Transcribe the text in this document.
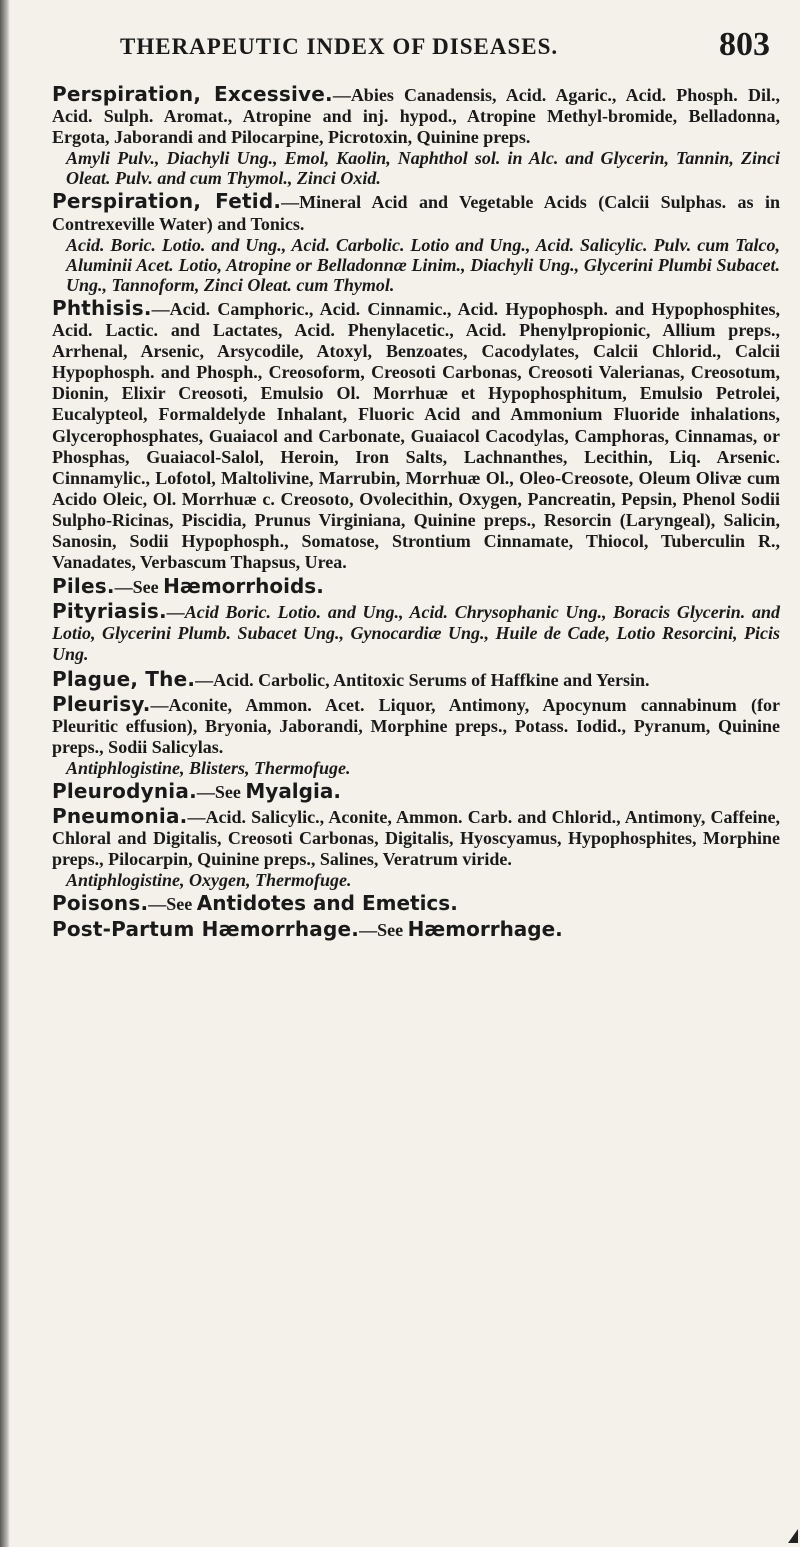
THERAPEUTIC INDEX OF DISEASES.	803

Perspiration, Excessive.—Abies Canadensis, Acid. Agaric., Acid. Phosph. Dil., Acid. Sulph. Aromat., Atropine and inj. hypod., Atropine Methyl-bromide, Belladonna, Ergota, Jaborandi and Pilocarpine, Picrotoxin, Quinine preps.
Amyli Pulv., Diachyli Ung., Emol, Kaolin, Naphthol sol. in Alc. and Glycerin, Tannin, Zinci Oleat. Pulv. and cum Thymol., Zinci Oxid.

Perspiration, Fetid.—Mineral Acid and Vegetable Acids (Calcii Sulphas. as in Contrexeville Water) and Tonics.
Acid. Boric. Lotio. and Ung., Acid. Carbolic. Lotio and Ung., Acid. Salicylic. Pulv. cum Talco, Aluminii Acet. Lotio, Atropine or Belladonnæ Linim., Diachyli Ung., Glycerini Plumbi Subacet. Ung., Tannoform, Zinci Oleat. cum Thymol.

Phthisis.—Acid. Camphoric., Acid. Cinnamic., Acid. Hypophosph. and Hypophosphites, Acid. Lactic. and Lactates, Acid. Phenylacetic., Acid. Phenylpropionic, Allium preps., Arrhenal, Arsenic, Arsycodile, Atoxyl, Benzoates, Cacodylates, Calcii Chlorid., Calcii Hypophosph. and Phosph., Creosoform, Creosoti Carbonas, Creosoti Valerianas, Creosotum, Dionin, Elixir Creosoti, Emulsio Ol. Morrhuæ et Hypophosphitum, Emulsio Petrolei, Eucalypteol, Formaldelyde Inhalant, Fluoric Acid and Ammonium Fluoride inhalations, Glycerophosphates, Guaiacol and Carbonate, Guaiacol Cacodylas, Camphoras, Cinnamas, or Phosphas, Guaiacol-Salol, Heroin, Iron Salts, Lachnanthes, Lecithin, Liq. Arsenic. Cinnamylic., Lofotol, Maltolivine, Marrubin, Morrhuæ Ol., Oleo-Creosote, Oleum Olivæ cum Acido Oleic, Ol. Morrhuæ c. Creosoto, Ovolecithin, Oxygen, Pancreatin, Pepsin, Phenol Sodii Sulpho-Ricinas, Piscidia, Prunus Virginiana, Quinine preps., Resorcin (Laryngeal), Salicin, Sanosin, Sodii Hypophosph., Somatose, Strontium Cinnamate, Thiocol, Tuberculin R., Vanadates, Verbascum Thapsus, Urea.

Piles.—See Hæmorrhoids.

Pityriasis.—Acid Boric. Lotio. and Ung., Acid. Chrysophanic Ung., Boracis Glycerin. and Lotio, Glycerini Plumb. Subacet Ung., Gynocardiæ Ung., Huile de Cade, Lotio Resorcini, Picis Ung.

Plague, The.—Acid. Carbolic, Antitoxic Serums of Haffkine and Yersin.

Pleurisy.—Aconite, Ammon. Acet. Liquor, Antimony, Apocynum cannabinum (for Pleuritic effusion), Bryonia, Jaborandi, Morphine preps., Potass. Iodid., Pyranum, Quinine preps., Sodii Salicylas.
Antiphlogistine, Blisters, Thermofuge.

Pleurodynia.—See Myalgia.

Pneumonia.—Acid. Salicylic., Aconite, Ammon. Carb. and Chlorid., Antimony, Caffeine, Chloral and Digitalis, Creosoti Carbonas, Digitalis, Hyoscyamus, Hypophosphites, Morphine preps., Pilocarpin, Quinine preps., Salines, Veratrum viride.
Antiphlogistine, Oxygen, Thermofuge.

Poisons.—See Antidotes and Emetics.

Post-Partum Hæmorrhage.—See Hæmorrhage.
